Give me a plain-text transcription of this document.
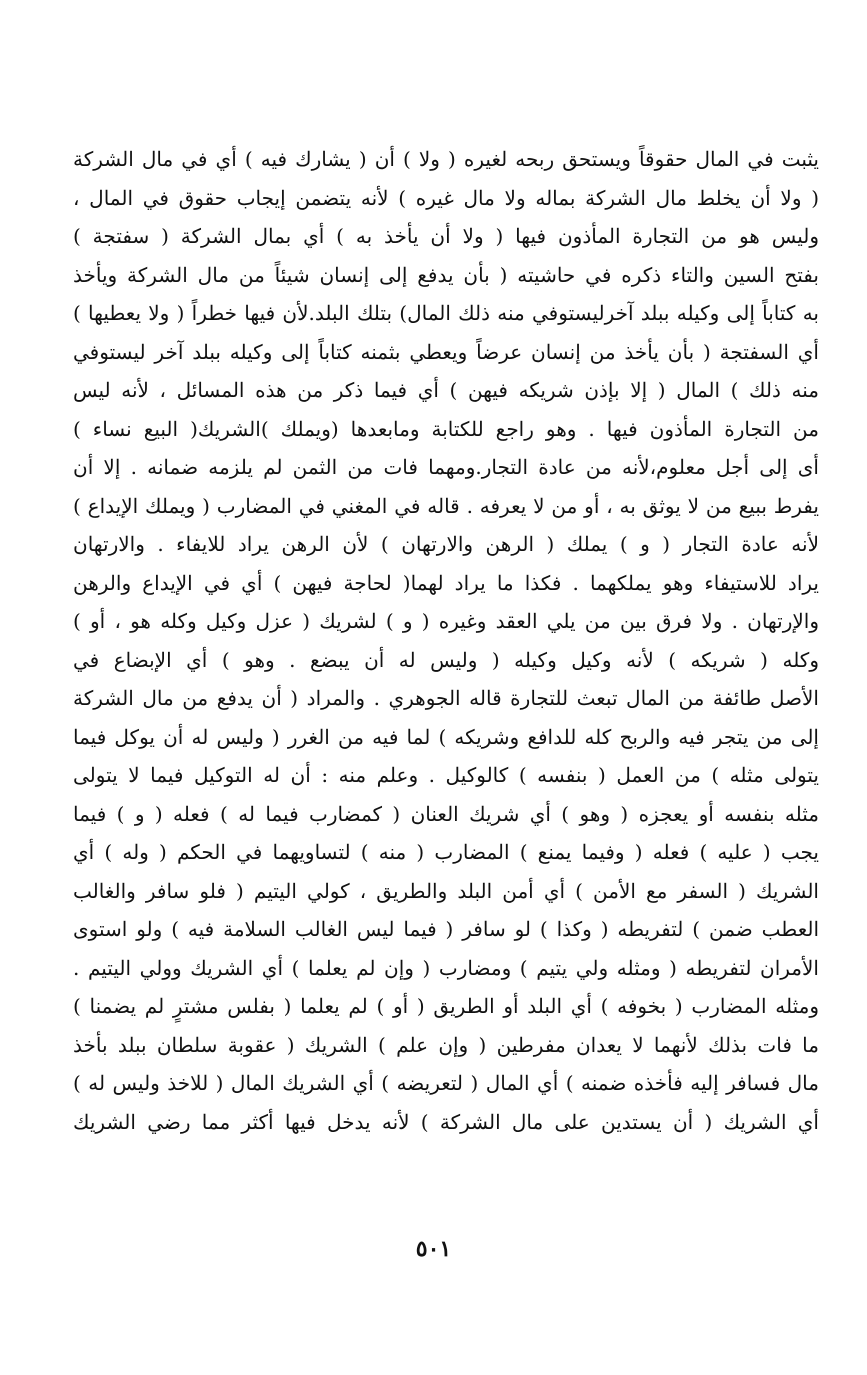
يثبت في المال حقوقاً ويستحق ربحه لغيره ( ولا ) أن ( يشارك فيه ) أي في مال الشركة
( ولا أن يخلط مال الشركة بماله ولا مال غيره ) لأنه يتضمن إيجاب حقوق في المال ،
وليس هو من التجارة المأذون فيها ( ولا أن يأخذ به ) أي بمال الشركة ( سفتجة )
بفتح السين والتاء ذكره في حاشيته ( بأن يدفع إلى إنسان شيئاً من مال الشركة ويأخذ
به كتاباً إلى وكيله ببلد آخرليستوفي منه ذلك المال) بتلك البلد.لأن فيها خطراً ( ولا يعطيها )
أي السفتجة ( بأن يأخذ من إنسان عرضاً ويعطي بثمنه كتاباً إلى وكيله ببلد آخر ليستوفي
منه ذلك ) المال ( إلا بإذن شريكه فيهن ) أي فيما ذكر من هذه المسائل ، لأنه ليس
من التجارة المأذون فيها . وهو راجع للكتابة ومابعدها (ويملك )الشريك( البيع نساء )
أى إلى أجل معلوم،لأنه من عادة التجار.ومهما فات من الثمن لم يلزمه ضمانه . إلا أن
يفرط ببيع من لا يوثق به ، أو من لا يعرفه . قاله في المغني في المضارب ( ويملك الإيداع )
لأنه عادة التجار ( و ) يملك ( الرهن والارتهان ) لأن الرهن يراد للايفاء . والارتهان
يراد للاستيفاء وهو يملكهما . فكذا ما يراد لهما( لحاجة فيهن ) أي في الإيداع والرهن
والإرتهان . ولا فرق بين من يلي العقد وغيره ( و ) لشريك ( عزل وكيل وكله هو ، أو )
وكله ( شريكه ) لأنه وكيل وكيله ( وليس له أن يبضع . وهو ) أي الإبضاع في
الأصل طائفة من المال تبعث للتجارة قاله الجوهري . والمراد ( أن يدفع من مال الشركة
إلى من يتجر فيه والربح كله للدافع وشريكه ) لما فيه من الغرر ( وليس له أن يوكل فيما
يتولى مثله ) من العمل ( بنفسه ) كالوكيل . وعلم منه : أن له التوكيل فيما لا يتولى
مثله بنفسه أو يعجزه ( وهو ) أي شريك العنان ( كمضارب فيما له ) فعله ( و ) فيما
يجب ( عليه ) فعله ( وفيما يمنع ) المضارب ( منه ) لتساويهما في الحكم ( وله ) أي
الشريك ( السفر مع الأمن ) أي أمن البلد والطريق ، كولي اليتيم ( فلو سافر والغالب
العطب ضمن ) لتفريطه ( وكذا ) لو سافر ( فيما ليس الغالب السلامة فيه ) ولو استوى
الأمران لتفريطه ( ومثله ولي يتيم ) ومضارب ( وإن لم يعلما ) أي الشريك وولي اليتيم .
ومثله المضارب ( بخوفه ) أي البلد أو الطريق ( أو ) لم يعلما ( بفلس مشترٍ لم يضمنا )
ما فات بذلك لأنهما لا يعدان مفرطين ( وإن علم ) الشريك ( عقوبة سلطان ببلد بأخذ
مال فسافر إليه فأخذه ضمنه ) أي المال ( لتعريضه ) أي الشريك المال ( للاخذ وليس له )
أي الشريك ( أن يستدين على مال الشركة ) لأنه يدخل فيها أكثر مما رضي الشريك
٥٠١
